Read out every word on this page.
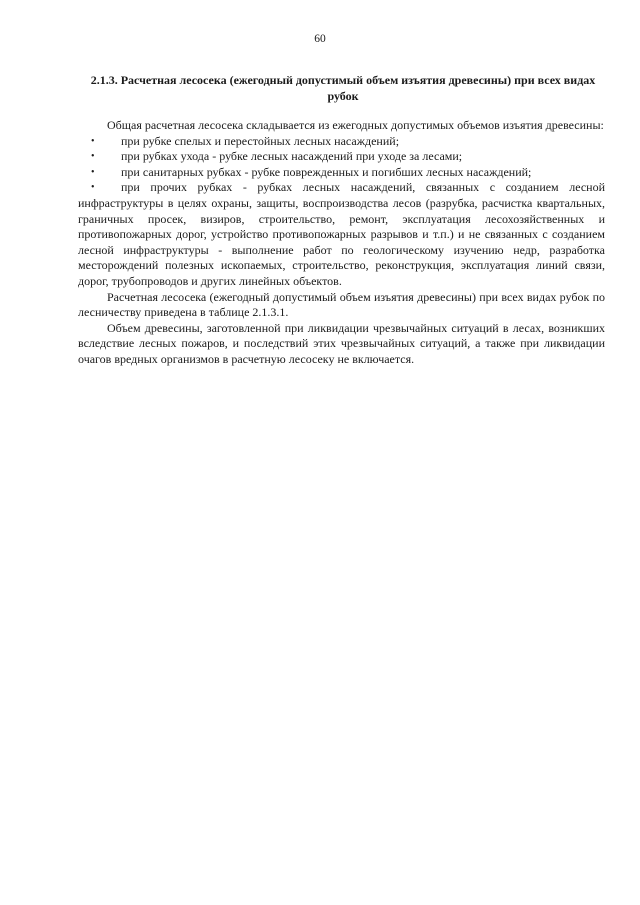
60
2.1.3. Расчетная лесосека (ежегодный допустимый объем изъятия древесины) при всех видах рубок

Общая расчетная лесосека складывается из ежегодных допустимых объемов изъятия древесины:

• при рубке спелых и перестойных лесных насаждений;
• при рубках ухода - рубке лесных насаждений при уходе за лесами;
• при санитарных рубках - рубке поврежденных и погибших лесных насаждений;
• при прочих рубках - рубках лесных насаждений, связанных с созданием лесной инфраструктуры в целях охраны, защиты, воспроизводства лесов (разрубка, расчистка квартальных, граничных просек, визиров, строительство, ремонт, эксплуатация лесохозяйственных и противопожарных дорог, устройство противопожарных разрывов и т.п.) и не связанных с созданием лесной инфраструктуры - выполнение работ по геологическому изучению недр, разработка месторождений полезных ископаемых, строительство, реконструкция, эксплуатация линий связи, дорог, трубопроводов и других линейных объектов.

Расчетная лесосека (ежегодный допустимый объем изъятия древесины) при всех видах рубок по лесничеству приведена в таблице 2.1.3.1.

Объем древесины, заготовленной при ликвидации чрезвычайных ситуаций в лесах, возникших вследствие лесных пожаров, и последствий этих чрезвычайных ситуаций, а также при ликвидации очагов вредных организмов в расчетную лесосеку не включается.
